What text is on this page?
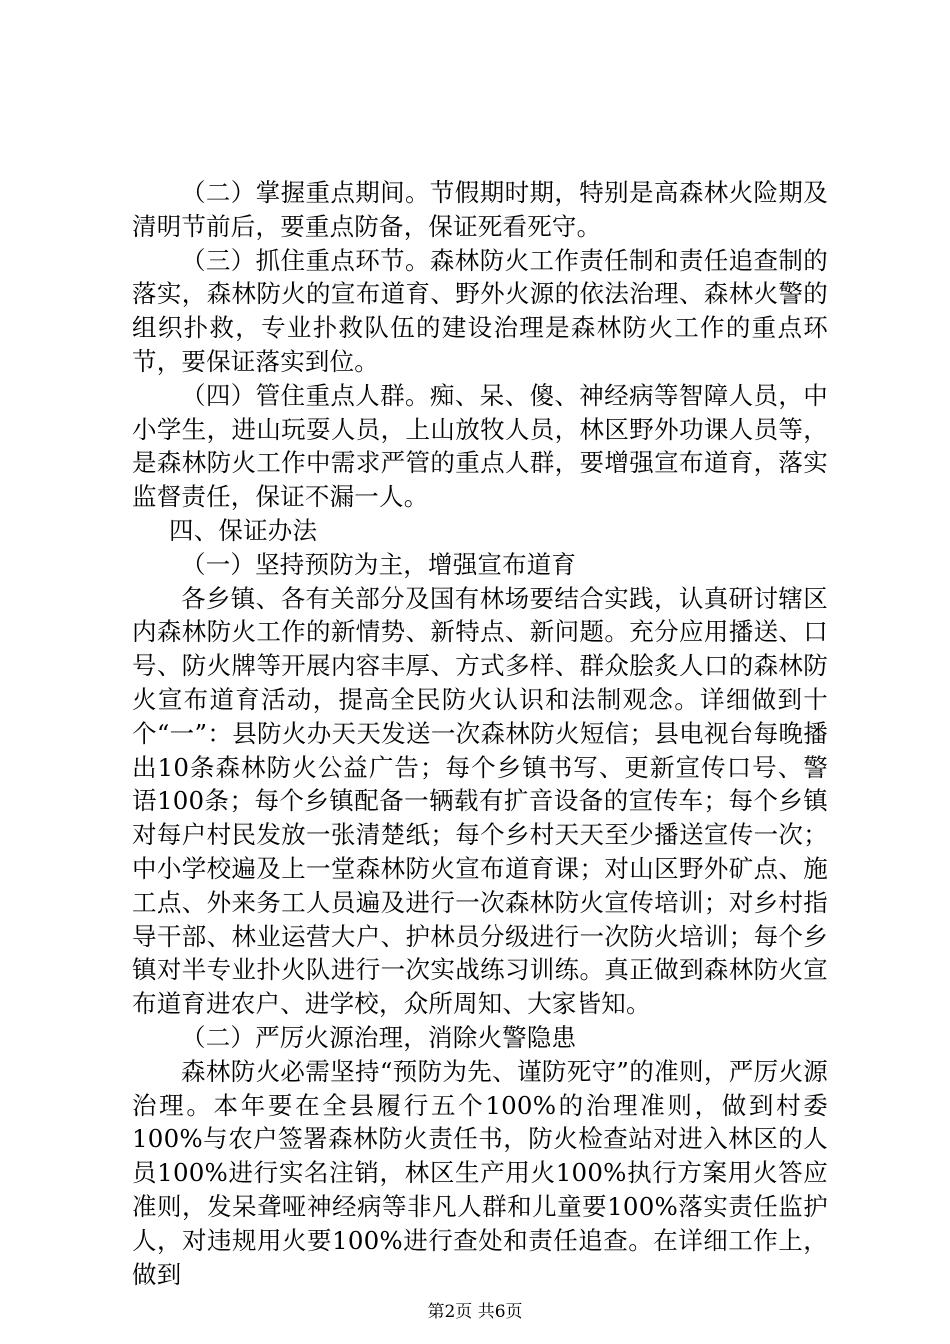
（二）掌握重点期间。节假期时期，特别是高森林火险期及清明节前后，要重点防备，保证死看死守。

（三）抓住重点环节。森林防火工作责任制和责任追查制的落实，森林防火的宣布道育、野外火源的依法治理、森林火警的组织扑救，专业扑救队伍的建设治理是森林防火工作的重点环节，要保证落实到位。

（四）管住重点人群。痴、呆、傻、神经病等智障人员，中小学生，进山玩耍人员，上山放牧人员，林区野外功课人员等，是森林防火工作中需求严管的重点人群，要增强宣布道育，落实监督责任，保证不漏一人。

四、保证办法

（一）坚持预防为主，增强宣布道育

各乡镇、各有关部分及国有林场要结合实践，认真研讨辖区内森林防火工作的新情势、新特点、新问题。充分应用播送、口号、防火牌等开展内容丰厚、方式多样、群众脍炙人口的森林防火宣布道育活动，提高全民防火认识和法制观念。详细做到十个“一”：县防火办天天发送一次森林防火短信；县电视台每晚播出10条森林防火公益广告；每个乡镇书写、更新宣传口号、警语100条；每个乡镇配备一辆载有扩音设备的宣传车；每个乡镇对每户村民发放一张清楚纸；每个乡村天天至少播送宣传一次；中小学校遍及上一堂森林防火宣布道育课；对山区野外矿点、施工点、外来务工人员遍及进行一次森林防火宣传培训；对乡村指导干部、林业运营大户、护林员分级进行一次防火培训；每个乡镇对半专业扑火队进行一次实战练习训练。真正做到森林防火宣布道育进农户、进学校，众所周知、大家皆知。

（二）严厉火源治理，消除火警隐患

森林防火必需坚持“预防为先、谨防死守”的准则，严厉火源治理。本年要在全县履行五个100%的治理准则，做到村委100%与农户签署森林防火责任书，防火检查站对进入林区的人员100%进行实名注销，林区生产用火100%执行方案用火答应准则，发呆聋哑神经病等非凡人群和儿童要100%落实责任监护人，对违规用火要100%进行查处和责任追查。在详细工作上，做到

第2页 共6页
